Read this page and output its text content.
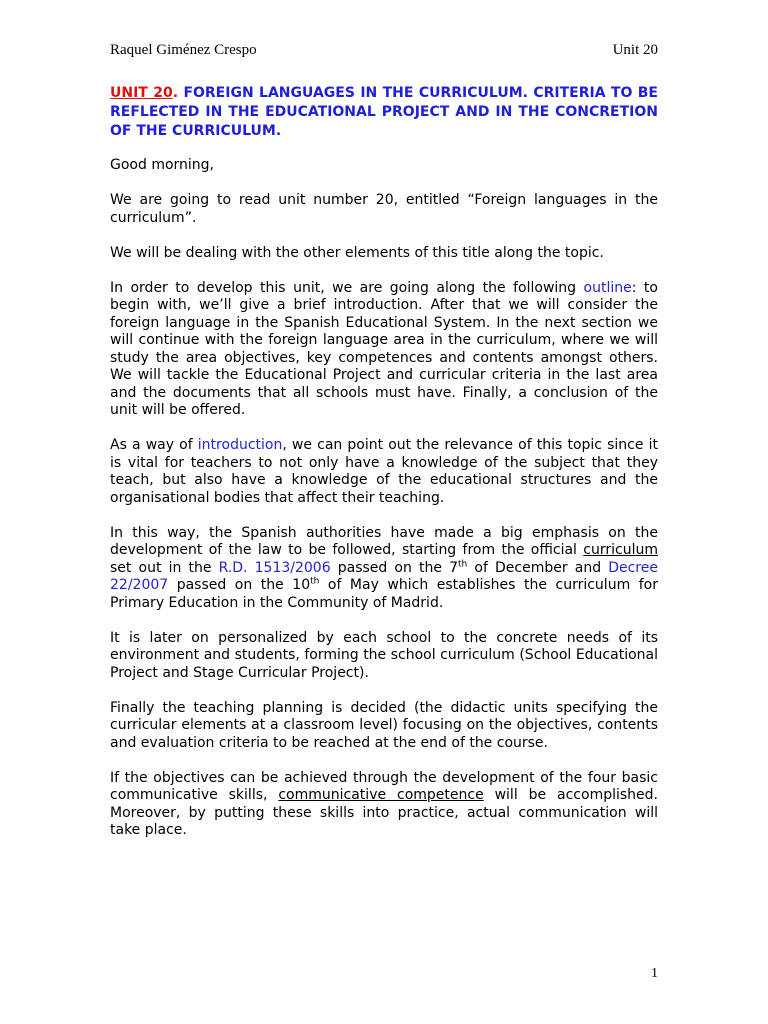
Raquel Giménez Crespo	Unit 20
UNIT 20. FOREIGN LANGUAGES IN THE CURRICULUM. CRITERIA TO BE REFLECTED IN THE EDUCATIONAL PROJECT AND IN THE CONCRETION OF THE CURRICULUM.

Good morning,

We are going to read unit number 20, entitled “Foreign languages in the curriculum”.

We will be dealing with the other elements of this title along the topic.

In order to develop this unit, we are going along the following outline: to begin with, we’ll give a brief introduction. After that we will consider the foreign language in the Spanish Educational System. In the next section we will continue with the foreign language area in the curriculum, where we will study the area objectives, key competences and contents amongst others. We will tackle the Educational Project and curricular criteria in the last area and the documents that all schools must have. Finally, a conclusion of the unit will be offered.

As a way of introduction, we can point out the relevance of this topic since it is vital for teachers to not only have a knowledge of the subject that they teach, but also have a knowledge of the educational structures and the organisational bodies that affect their teaching.

In this way, the Spanish authorities have made a big emphasis on the development of the law to be followed, starting from the official curriculum set out in the R.D. 1513/2006 passed on the 7th of December and Decree 22/2007 passed on the 10th of May which establishes the curriculum for Primary Education in the Community of Madrid.

It is later on personalized by each school to the concrete needs of its environment and students, forming the school curriculum (School Educational Project and Stage Curricular Project).

Finally the teaching planning is decided (the didactic units specifying the curricular elements at a classroom level) focusing on the objectives, contents and evaluation criteria to be reached at the end of the course.

If the objectives can be achieved through the development of the four basic communicative skills, communicative competence will be accomplished. Moreover, by putting these skills into practice, actual communication will take place.

1
